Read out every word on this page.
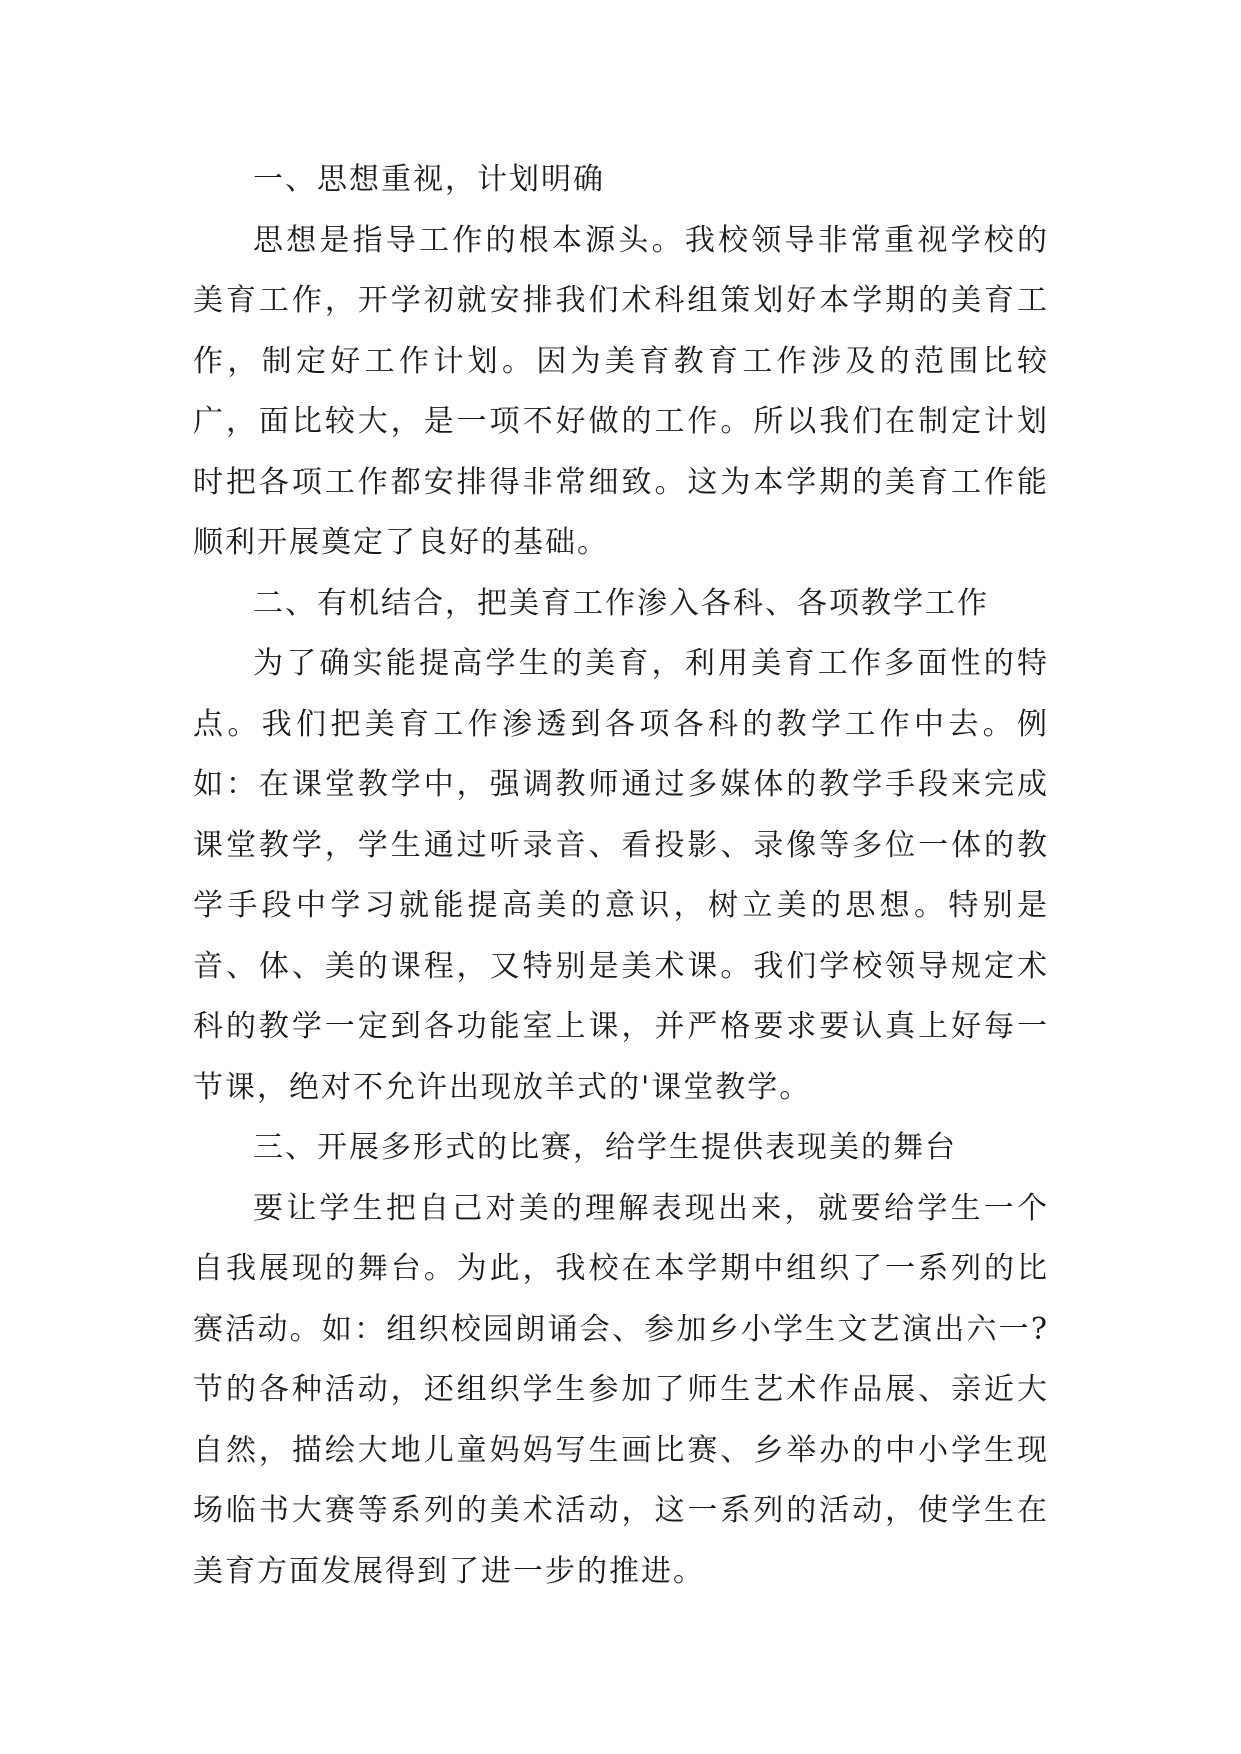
一、思想重视，计划明确

思想是指导工作的根本源头。我校领导非常重视学校的美育工作，开学初就安排我们术科组策划好本学期的美育工作，制定好工作计划。因为美育教育工作涉及的范围比较广，面比较大，是一项不好做的工作。所以我们在制定计划时把各项工作都安排得非常细致。这为本学期的美育工作能顺利开展奠定了良好的基础。

二、有机结合，把美育工作渗入各科、各项教学工作

为了确实能提高学生的美育，利用美育工作多面性的特点。我们把美育工作渗透到各项各科的教学工作中去。例如：在课堂教学中，强调教师通过多媒体的教学手段来完成课堂教学，学生通过听录音、看投影、录像等多位一体的教学手段中学习就能提高美的意识，树立美的思想。特别是音、体、美的课程，又特别是美术课。我们学校领导规定术科的教学一定到各功能室上课，并严格要求要认真上好每一节课，绝对不允许出现放羊式的'课堂教学。

三、开展多形式的比赛，给学生提供表现美的舞台

要让学生把自己对美的理解表现出来，就要给学生一个自我展现的舞台。为此，我校在本学期中组织了一系列的比赛活动。如：组织校园朗诵会、参加乡小学生文艺演出六一?节的各种活动，还组织学生参加了师生艺术作品展、亲近大自然，描绘大地儿童妈妈写生画比赛、乡举办的中小学生现场临书大赛等系列的美术活动，这一系列的活动，使学生在美育方面发展得到了进一步的推进。
